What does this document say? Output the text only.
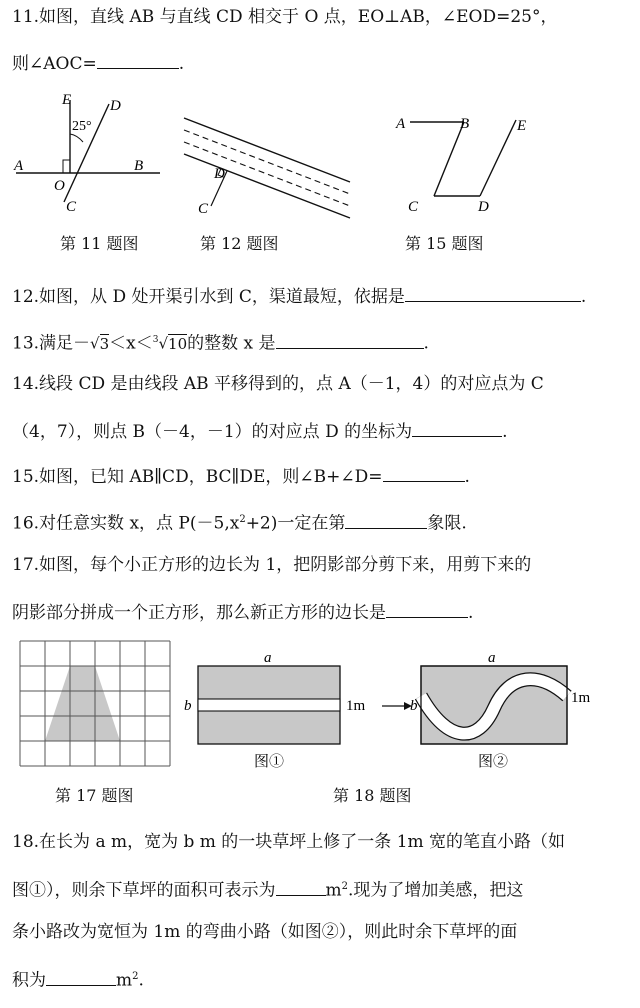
11.如图，直线 AB 与直线 CD 相交于 O 点，EO⊥AB，∠EOD=25°，
则∠AOC=	.
E	D
25°
A	B
O
C
D
C
A	B	E
C	D
第 11 题图	第 12 题图	第 15 题图
12.如图，从 D 处开渠引水到 C，渠道最短，依据是	.
13.满足－√3＜x＜$^3$√10的整数 x 是	.
14.线段 CD 是由线段 AB 平移得到的，点 A（－1，4）的对应点为 C
（4，7），则点 B（－4，－1）的对应点 D 的坐标为	.
15.如图，已知 AB∥CD，BC∥DE，则∠B+∠D=	.
16.对任意实数 x，点 $P(-5,x^2+2)$一定在第	象限.
17.如图，每个小正方形的边长为 1，把阴影部分剪下来，用剪下来的
阴影部分拼成一个正方形，那么新正方形的边长是	.
a
b	1m
图①
a
b	1m
图②
第 17 题图	第 18 题图
18.在长为 a m，宽为 b m 的一块草坪上修了一条 1m 宽的笔直小路（如
图①），则余下草坪的面积可表示为	$m^2$.现为了增加美感，把这
条小路改为宽恒为 1m 的弯曲小路（如图②），则此时余下草坪的面
积为	$m^2$.
